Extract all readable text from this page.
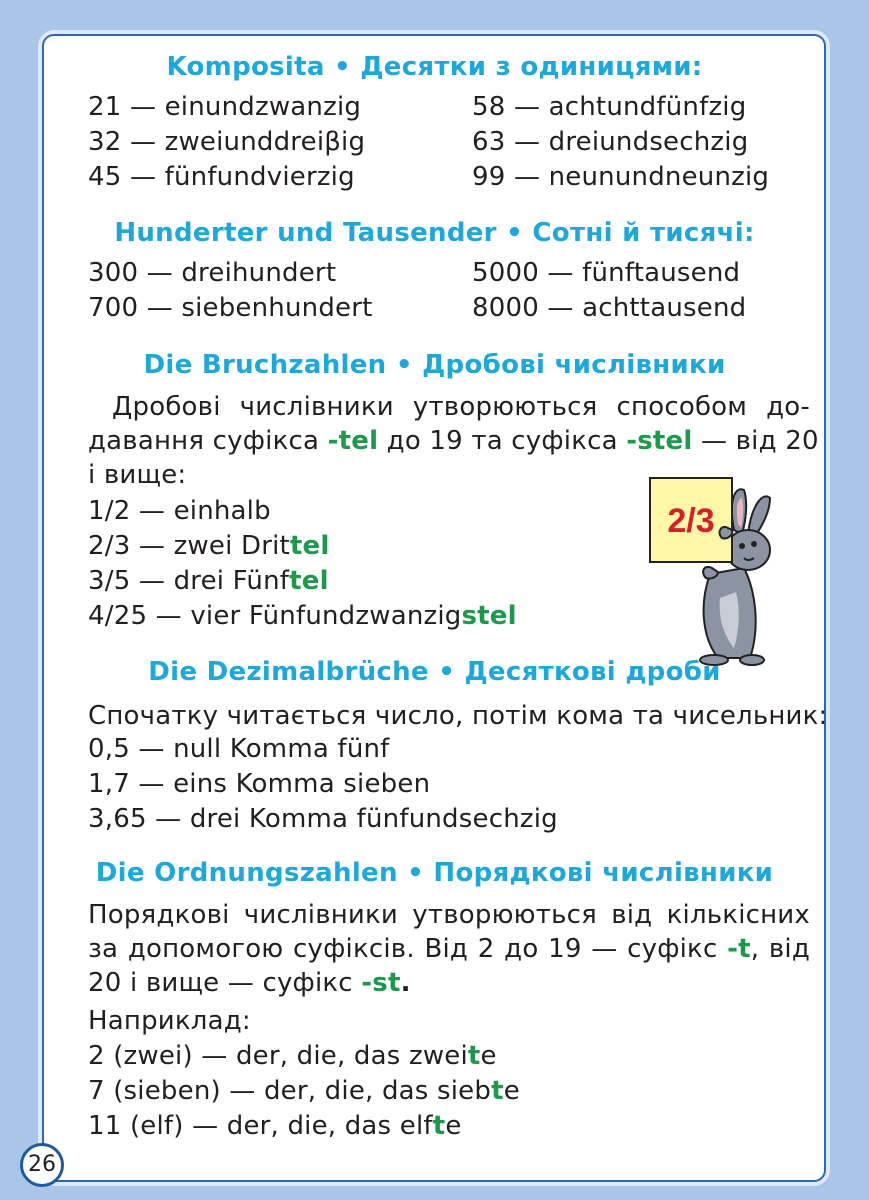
Komposita • Десятки з одиницями:
21 — einundzwanzig
32 — zweiunddreiβig
45 — fünfundvierzig
58 — achtundfünfzig
63 — dreiundsechzig
99 — neunundneunzig
Hunderter und Tausender • Сотні й тисячі:
300 — dreihundert
700 — siebenhundert
5000 — fünftausend
8000 — achttausend
Die Bruchzahlen • Дробові числівники
Дробові числівники утворюються способом до-
давання суфікса -tel до 19 та суфікса -stel — від 20
і вище:
1/2 — einhalb
2/3 — zwei Drittel
3/5 — drei Fünftel
4/25 — vier Fünfundzwanzigstel
2/3
Die Dezimalbrüche • Десяткові дроби
Спочатку читається число, потім кома та чисельник:
0,5 — null Komma fünf
1,7 — eins Komma sieben
3,65 — drei Komma fünfundsechzig
Die Ordnungszahlen • Порядкові числівники
Порядкові числівники утворюються від кількісних
за допомогою суфіксів. Від 2 до 19 — суфікс -t, від
20 і вище — суфікс -st.
Наприклад:
2 (zwei) — der, die, das zweite
7 (sieben) — der, die, das siebte
11 (elf) — der, die, das elfte
26
